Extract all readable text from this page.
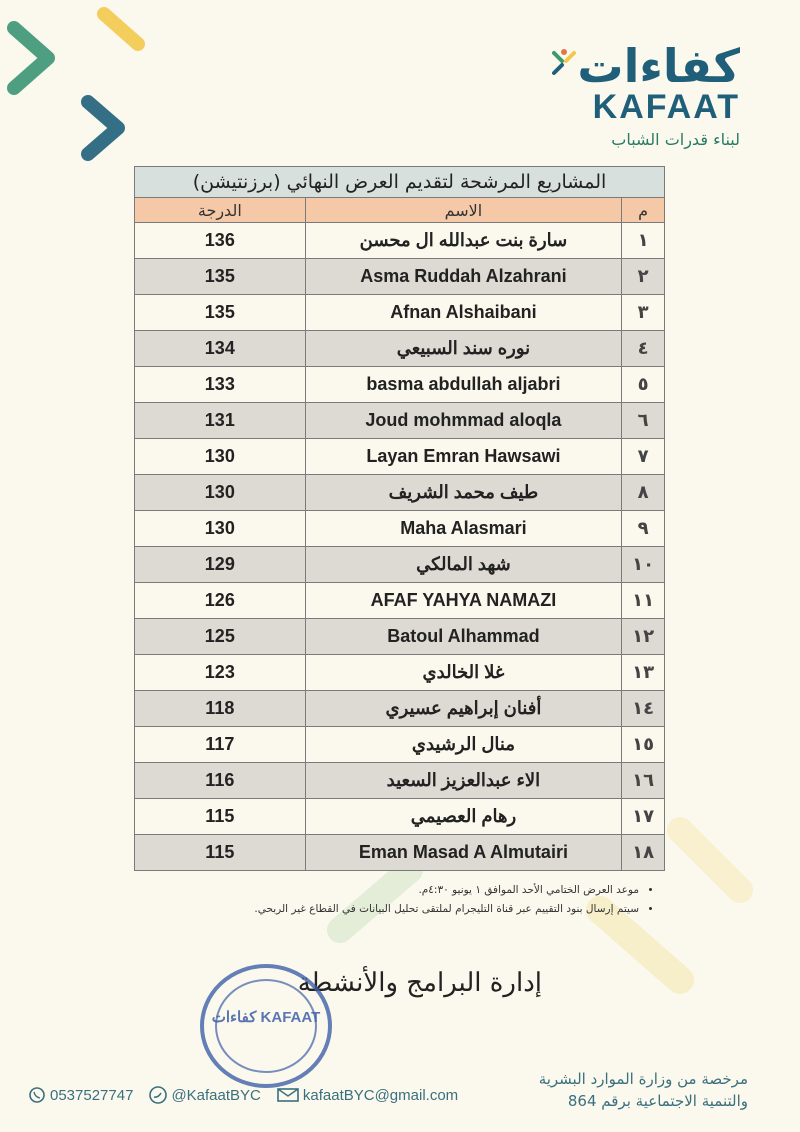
كفاءات
KAFAAT
لبناء قدرات الشباب
المشاريع المرشحة لتقديم العرض النهائي (برزنتيشن)		
م	الاسم	الدرجة
١	سارة بنت عبدالله ال محسن	136
٢	Asma Ruddah Alzahrani	135
٣	Afnan Alshaibani	135
٤	نوره سند السبيعي	134
٥	basma abdullah aljabri	133
٦	Joud mohmmad aloqla	131
٧	Layan Emran Hawsawi	130
٨	طيف محمد الشريف	130
٩	Maha Alasmari	130
١٠	شهد المالكي	129
١١	AFAF YAHYA NAMAZI	126
١٢	Batoul Alhammad	125
١٣	غلا الخالدي	123
١٤	أفنان إبراهيم عسيري	118
١٥	منال الرشيدي	117
١٦	الاء عبدالعزيز السعيد	116
١٧	رهام العصيمي	115
١٨	Eman Masad A Almutairi	115
• موعد العرض الختامي الأحد الموافق ١ يونيو ٤:٣٠م.
• سيتم إرسال بنود التقييم عبر قناة التليجرام لملتقى تحليل البيانات في القطاع غير الربحي.
إدارة البرامج والأنشطة
كفاءات KAFAAT
0537527747	@KafaatBYC	kafaatBYC@gmail.com
مرخصة من وزارة الموارد البشرية
والتنمية الاجتماعية برقم 864
